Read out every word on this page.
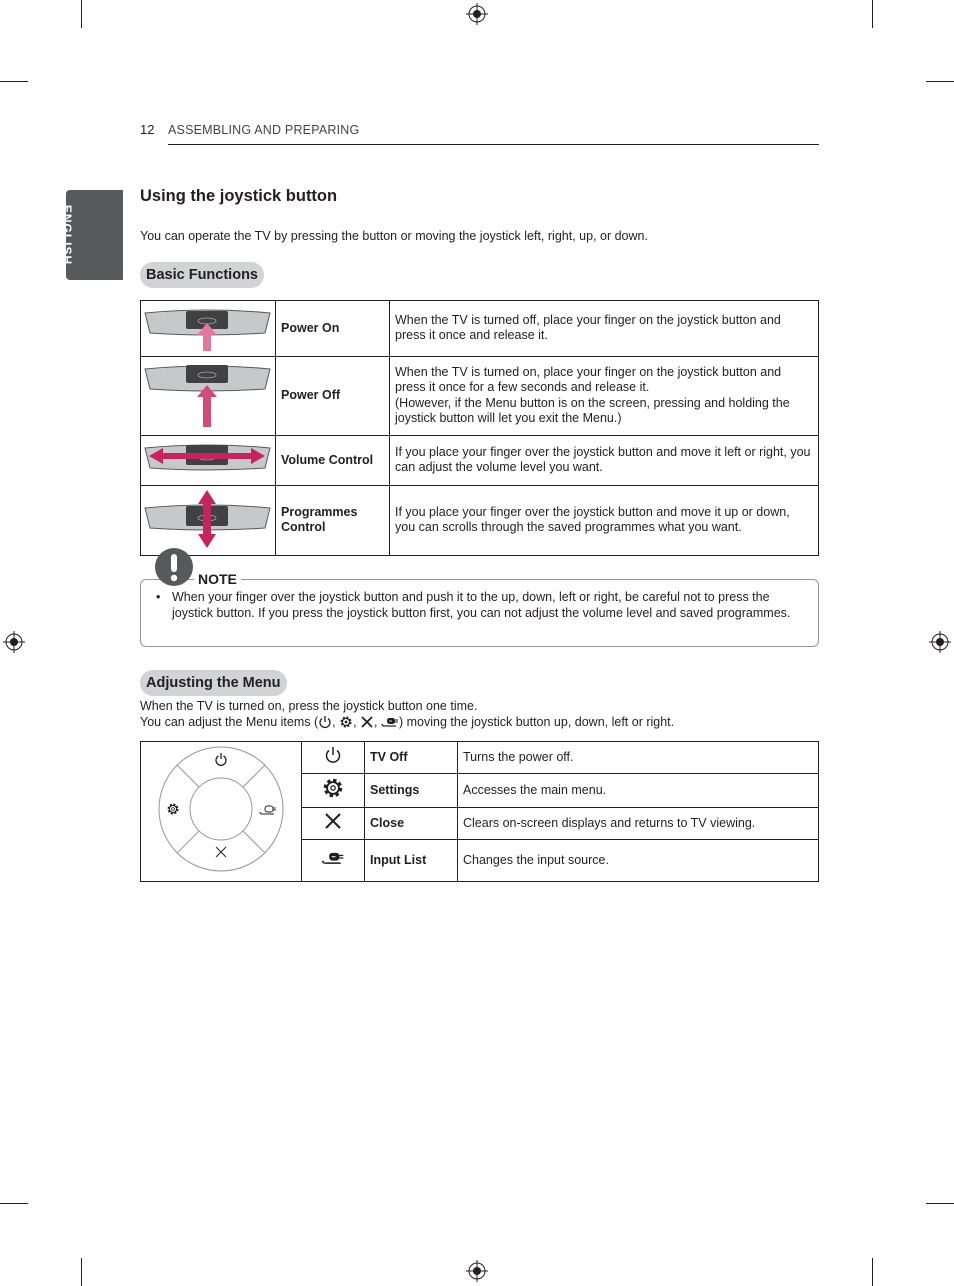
12 ASSEMBLING AND PREPARING
ENGLISH
Using the joystick button
You can operate the TV by pressing the button or moving the joystick left, right, up, or down.
Basic Functions
	Power On	When the TV is turned off, place your finger on the joystick button and press it once and release it.
	Power Off	When the TV is turned on, place your finger on the joystick button and press it once for a few seconds and release it.
(However, if the Menu button is on the screen, pressing and holding the joystick button will let you exit the Menu.)

	Volume Control	If you place your finger over the joystick button and move it left or right, you can adjust the volume level you want.
	Programmes Control	If you place your finger over the joystick button and move it up or down, you can scrolls through the saved programmes what you want.
NOTE
• When your finger over the joystick button and push it to the up, down, left or right, be careful not to press the joystick button. If you press the joystick button first, you can not adjust the volume level and saved programmes.
Adjusting the Menu
When the TV is turned on, press the joystick button one time.
You can adjust the Menu items ( , , , ) moving the joystick button up, down, left or right.
		TV Off	Turns the power off.
	Settings	Accesses the main menu.
	Close	Clears on-screen displays and returns to TV viewing.
	Input List	Changes the input source.
